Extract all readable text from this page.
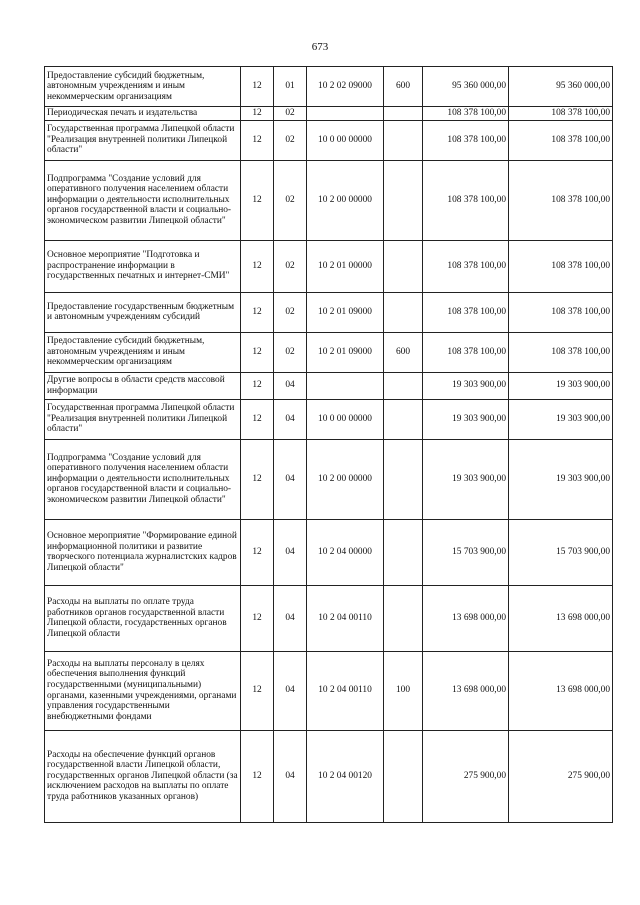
673
Предоставление субсидий бюджетным, автономным учреждениям и иным некоммерческим организациям	12	01	10 2 02 09000	600	95 360 000,00	95 360 000,00
Периодическая печать и издательства	12	02			108 378 100,00	108 378 100,00
Государственная программа Липецкой области "Реализация внутренней политики Липецкой области"	12	02	10 0 00 00000		108 378 100,00	108 378 100,00
Подпрограмма "Создание условий для оперативного получения населением области информации о деятельности исполнительных органов государственной власти и социально-экономическом развитии Липецкой области"	12	02	10 2 00 00000		108 378 100,00	108 378 100,00
Основное мероприятие "Подготовка и распространение информации в государственных печатных и интернет-СМИ"	12	02	10 2 01 00000		108 378 100,00	108 378 100,00
Предоставление государственным бюджетным и автономным учреждениям субсидий	12	02	10 2 01 09000		108 378 100,00	108 378 100,00
Предоставление субсидий бюджетным, автономным учреждениям и иным некоммерческим организациям	12	02	10 2 01 09000	600	108 378 100,00	108 378 100,00
Другие вопросы в области средств массовой информации	12	04			19 303 900,00	19 303 900,00
Государственная программа Липецкой области "Реализация внутренней политики Липецкой области"	12	04	10 0 00 00000		19 303 900,00	19 303 900,00
Подпрограмма "Создание условий для оперативного получения населением области информации о деятельности исполнительных органов государственной власти и социально-экономическом развитии Липецкой области"	12	04	10 2 00 00000		19 303 900,00	19 303 900,00
Основное мероприятие "Формирование единой информационной политики и развитие творческого потенциала журналистских кадров Липецкой области"	12	04	10 2 04 00000		15 703 900,00	15 703 900,00
Расходы на выплаты по оплате труда работников органов государственной власти Липецкой области, государственных органов Липецкой области	12	04	10 2 04 00110		13 698 000,00	13 698 000,00
Расходы на выплаты персоналу в целях обеспечения выполнения функций государственными (муниципальными) органами, казенными учреждениями, органами управления государственными внебюджетными фондами	12	04	10 2 04 00110	100	13 698 000,00	13 698 000,00
Расходы на обеспечение функций органов государственной власти Липецкой области, государственных органов Липецкой области (за исключением расходов на выплаты по оплате труда работников указанных органов)	12	04	10 2 04 00120		275 900,00	275 900,00
